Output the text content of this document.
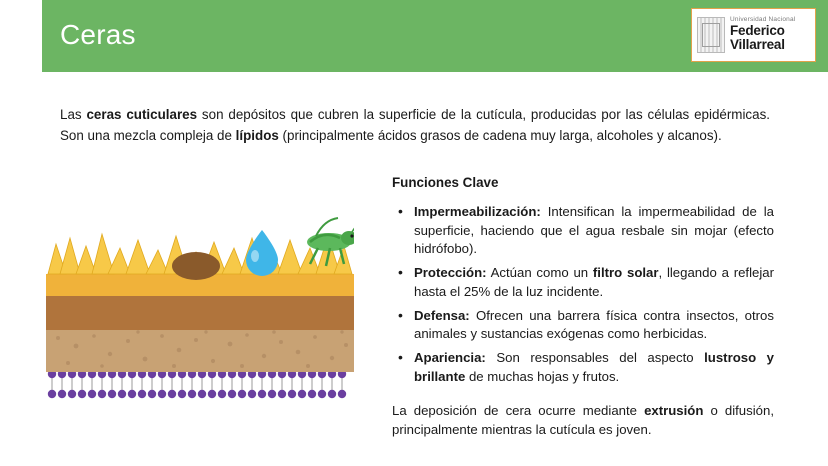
Ceras	Universidad Nacional
Federico Villarreal
Las ceras cuticulares son depósitos que cubren la superficie de la cutícula, producidas por las células epidérmicas. Son una mezcla compleja de lípidos (principalmente ácidos grasos de cadena muy larga, alcoholes y alcanos).
Funciones Clave
• Impermeabilización: Intensifican la impermeabilidad de la superficie, haciendo que el agua resbale sin mojar (efecto hidrófobo).
• Protección: Actúan como un filtro solar, llegando a reflejar hasta el 25% de la luz incidente.
• Defensa: Ofrecen una barrera física contra insectos, otros animales y sustancias exógenas como herbicidas.
• Apariencia: Son responsables del aspecto lustroso y brillante de muchas hojas y frutos.
La deposición de cera ocurre mediante extrusión o difusión, principalmente mientras la cutícula es joven.
